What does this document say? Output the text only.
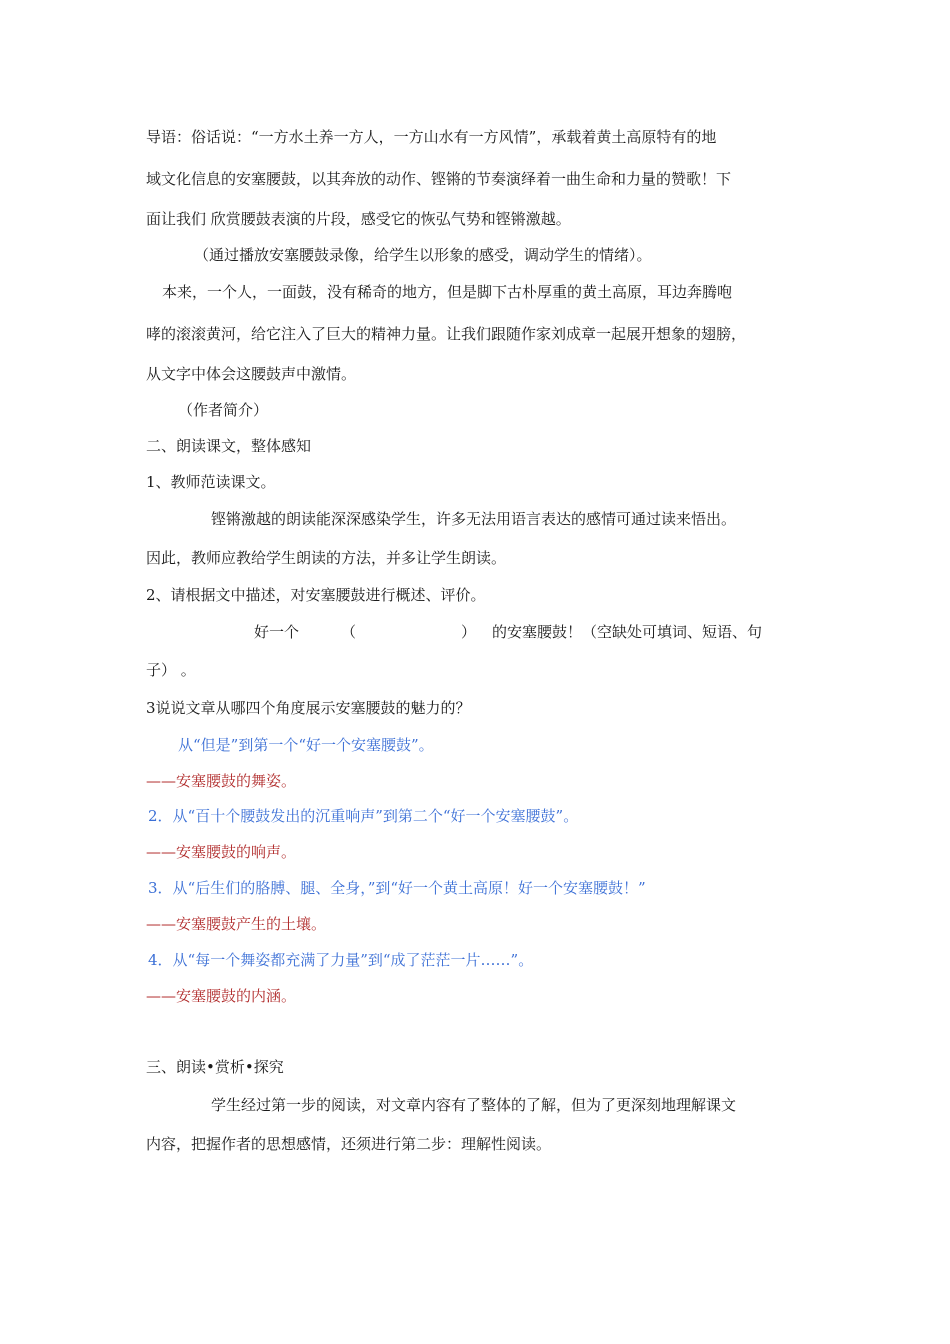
导语：俗话说：“一方水土养一方人，一方山水有一方风情”，承载着黄土高原特有的地
域文化信息的安塞腰鼓，以其奔放的动作、铿锵的节奏演绎着一曲生命和力量的赞歌！下
面让我们 欣赏腰鼓表演的片段，感受它的恢弘气势和铿锵激越。
（通过播放安塞腰鼓录像，给学生以形象的感受，调动学生的情绪）。
本来，一个人，一面鼓，没有稀奇的地方，但是脚下古朴厚重的黄土高原，耳边奔腾咆
哮的滚滚黄河，给它注入了巨大的精神力量。让我们跟随作家刘成章一起展开想象的翅膀，
从文字中体会这腰鼓声中激情。
（作者简介）
二、朗读课文，整体感知
1、教师范读课文。
铿锵激越的朗读能深深感染学生，许多无法用语言表达的感情可通过读来悟出。
因此，教师应教给学生朗读的方法，并多让学生朗读。
2、请根据文中描述，对安塞腰鼓进行概述、评价。
好一个	（	） 的安塞腰鼓！（空缺处可填词、短语、句
子） 。
3说说文章从哪四个角度展示安塞腰鼓的魅力的？
从“但是”到第一个“好一个安塞腰鼓”。
——安塞腰鼓的舞姿。
2．从“百十个腰鼓发出的沉重响声”到第二个“好一个安塞腰鼓”。
——安塞腰鼓的响声。
3．从“后生们的胳膊、腿、全身，”到“好一个黄土高原！好一个安塞腰鼓！”
——安塞腰鼓产生的土壤。
4．从“每一个舞姿都充满了力量”到“成了茫茫一片……”。
——安塞腰鼓的内涵。
三、朗读•赏析•探究
学生经过第一步的阅读，对文章内容有了整体的了解，但为了更深刻地理解课文
内容，把握作者的思想感情，还须进行第二步：理解性阅读。
